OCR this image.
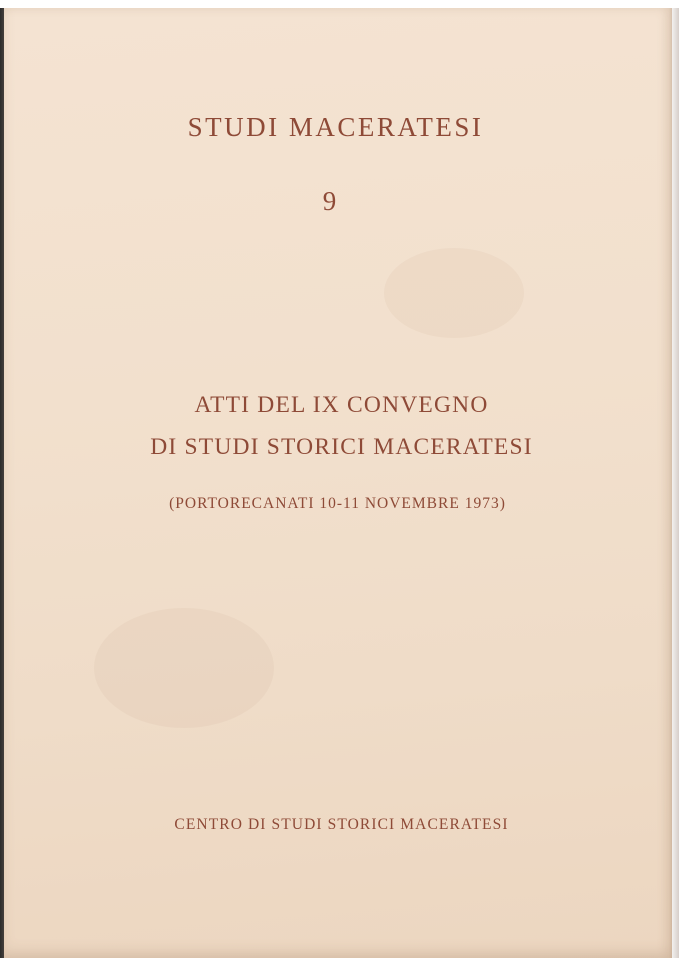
STUDI MACERATESI
9
ATTI DEL IX CONVEGNO
DI STUDI STORICI MACERATESI
(PORTORECANATI 10-11 NOVEMBRE 1973)
CENTRO DI STUDI STORICI MACERATESI
